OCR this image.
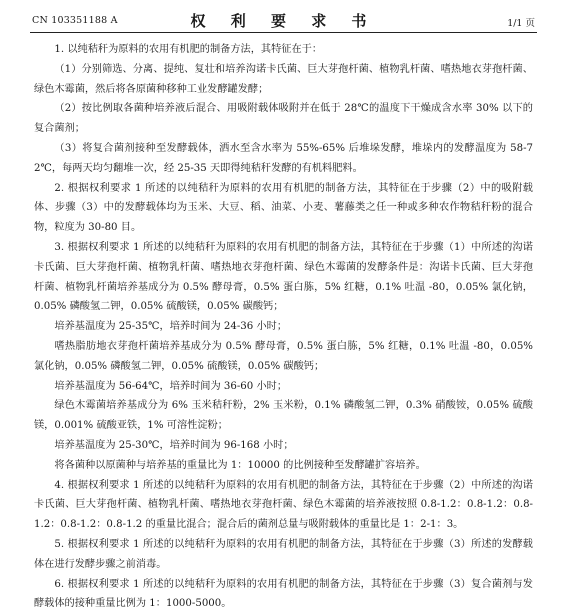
CN 103351188 A	权 利 要 求 书	1/1 页

1. 以纯秸秆为原料的农用有机肥的制备方法，其特征在于：

（1）分别筛选、分离、提纯、复壮和培养沟诺卡氏菌、巨大芽孢杆菌、植物乳杆菌、嗜热地衣芽孢杆菌、绿色木霉菌，然后将各原菌种移种工业发酵罐发酵；

（2）按比例取各菌种培养液后混合、用吸附载体吸附并在低于 28℃的温度下干燥成含水率 30% 以下的复合菌剂；

（3）将复合菌剂接种至发酵载体，洒水至含水率为 55%-65% 后堆垛发酵，堆垛内的发酵温度为 58-72℃，每两天均匀翻堆一次，经 25-35 天即得纯秸秆发酵的有机料肥料。

2. 根据权利要求 1 所述的以纯秸秆为原料的农用有机肥的制备方法，其特征在于步骤（2）中的吸附载体、步骤（3）中的发酵载体均为玉米、大豆、稻、油菜、小麦、薯藤类之任一种或多种农作物秸秆粉的混合物，粒度为 30-80 目。

3. 根据权利要求 1 所述的以纯秸秆为原料的农用有机肥的制备方法，其特征在于步骤（1）中所述的沟诺卡氏菌、巨大芽孢杆菌、植物乳杆菌、嗜热地衣芽孢杆菌、绿色木霉菌的发酵条件是：沟诺卡氏菌、巨大芽孢杆菌、植物乳杆菌培养基成分为 0.5% 酵母膏，0.5% 蛋白胨，5% 红糖，0.1% 吐温 -80，0.05% 氯化钠，0.05% 磷酸氢二钾，0.05% 硫酸镁，0.05% 碳酸钙；

培养基温度为 25-35℃，培养时间为 24-36 小时；

嗜热脂肪地衣芽孢杆菌培养基成分为 0.5% 酵母膏，0.5% 蛋白胨，5% 红糖，0.1% 吐温 -80，0.05% 氯化钠，0.05% 磷酸氢二钾，0.05% 硫酸镁，0.05% 碳酸钙；

培养基温度为 56-64℃，培养时间为 36-60 小时；

绿色木霉菌培养基成分为 6% 玉米秸秆粉，2% 玉米粉，0.1% 磷酸氢二钾，0.3% 硝酸铵，0.05% 硫酸镁，0.001% 硫酸亚铁，1% 可溶性淀粉；

培养基温度为 25-30℃，培养时间为 96-168 小时；

将各菌种以原菌种与培养基的重量比为 1：10000 的比例接种至发酵罐扩容培养。

4. 根据权利要求 1 所述的以纯秸秆为原料的农用有机肥的制备方法，其特征在于步骤（2）中所述的沟诺卡氏菌、巨大芽孢杆菌、植物乳杆菌、嗜热地衣芽孢杆菌、绿色木霉菌的培养液按照 0.8-1.2：0.8-1.2：0.8-1.2：0.8-1.2：0.8-1.2 的重量比混合；混合后的菌剂总量与吸附载体的重量比是 1：2-1：3。

5. 根据权利要求 1 所述的以纯秸秆为原料的农用有机肥的制备方法，其特征在于步骤（3）所述的发酵载体在进行发酵步骤之前消毒。

6. 根据权利要求 1 所述的以纯秸秆为原料的农用有机肥的制备方法，其特征在于步骤（3）复合菌剂与发酵载体的接种重量比例为 1：1000-5000。
